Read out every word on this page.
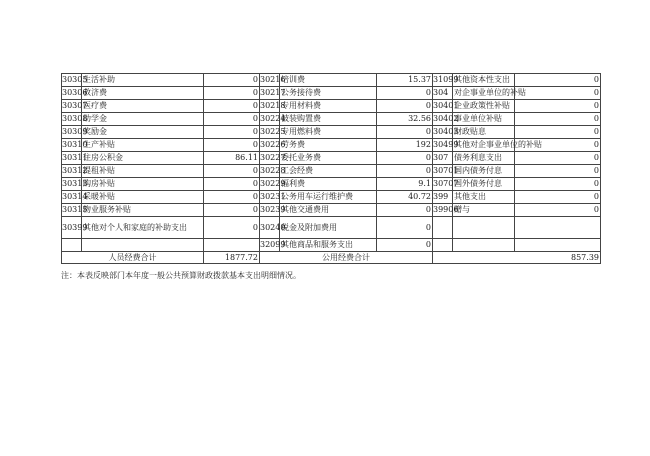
30305	生活补助	0	30216	培训费	15.37	31099	其他资本性支出	0
30306	救济费	0	30217	公务接待费	0	304	对企事业单位的补贴	0
30307	医疗费	0	30218	专用材料费	0	30401	企业政策性补贴	0
30308	助学金	0	30224	被装购置费	32.56	30402	事业单位补贴	0
30309	奖励金	0	30225	专用燃料费	0	30403	财政贴息	0
30310	生产补贴	0	30226	劳务费	192	30499	其他对企事业单位的补贴	0
30311	住房公积金	86.11	30227	委托业务费	0	307	债务利息支出	0
30312	提租补贴	0	30228	工会经费	0	30701	国内债务付息	0
30313	购房补贴	0	30229	福利费	9.1	30707	国外债务付息	0
30314	采暖补贴	0	30231	公务用车运行维护费	40.72	399	其他支出	0
30315	物业服务补贴	0	30239	其他交通费用	0	39906	赠与	0
30399	其他对个人和家庭的补助支出	0	30240	税金及附加费用	0			
			32099	其他商品和服务支出	0			
人员经费合计		1877.72	公用经费合计			857.39		
注：本表反映部门本年度一般公共预算财政拨款基本支出明细情况。
